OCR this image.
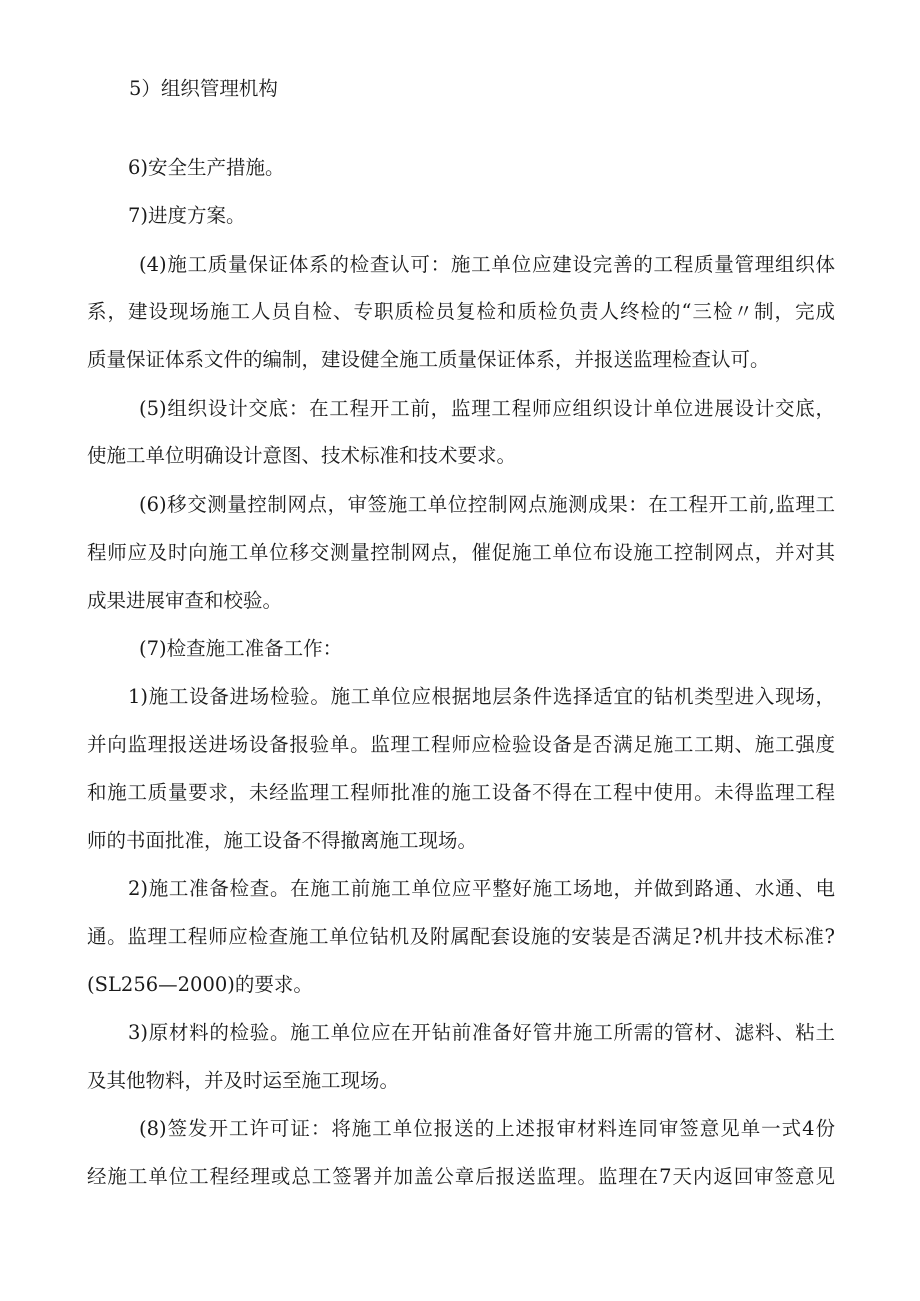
5）组织管理机构
6)安全生产措施。
7)进度方案。
(4)施工质量保证体系的检查认可：施工单位应建设完善的工程质量管理组织体
系，建设现场施工人员自检、专职质检员复检和质检负责人终检的“三检〃制，完成
质量保证体系文件的编制，建设健全施工质量保证体系，并报送监理检查认可。
(5)组织设计交底：在工程开工前，监理工程师应组织设计单位进展设计交底，
使施工单位明确设计意图、技术标准和技术要求。
(6)移交测量控制网点，审签施工单位控制网点施测成果：在工程开工前,监理工
程师应及时向施工单位移交测量控制网点，催促施工单位布设施工控制网点，并对其
成果进展审查和校验。
(7)检查施工准备工作：
1)施工设备进场检验。施工单位应根据地层条件选择适宜的钻机类型进入现场，
并向监理报送进场设备报验单。监理工程师应检验设备是否满足施工工期、施工强度
和施工质量要求，未经监理工程师批准的施工设备不得在工程中使用。未得监理工程
师的书面批准，施工设备不得撤离施工现场。
2)施工准备检查。在施工前施工单位应平整好施工场地，并做到路通、水通、电
通。监理工程师应检查施工单位钻机及附属配套设施的安装是否满足?机井技术标准?
(SL256—2000)的要求。
3)原材料的检验。施工单位应在开钻前准备好管井施工所需的管材、滤料、粘土
及其他物料，并及时运至施工现场。
(8)签发开工许可证：将施工单位报送的上述报审材料连同审签意见单一式4份
经施工单位工程经理或总工签署并加盖公章后报送监理。监理在7天内返回审签意见
